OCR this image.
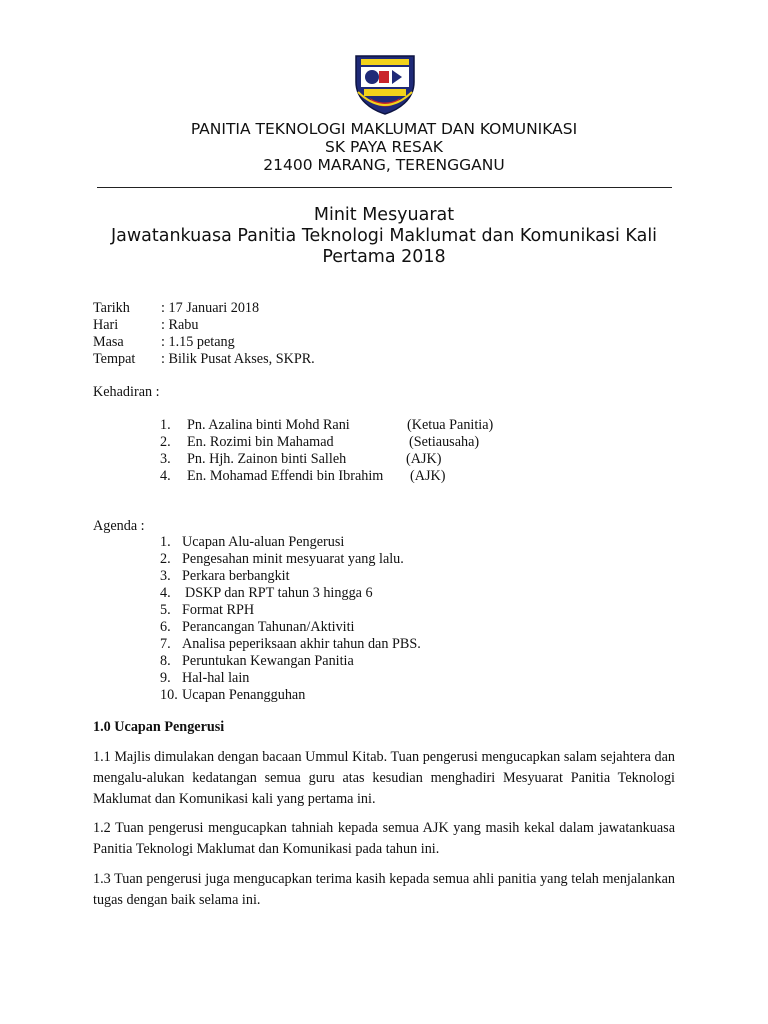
PANITIA TEKNOLOGI MAKLUMAT DAN KOMUNIKASI
SK PAYA RESAK
21400 MARANG, TERENGGANU
Minit Mesyuarat
Jawatankuasa Panitia Teknologi Maklumat dan Komunikasi Kali
Pertama 2018
Tarikh : 17 Januari 2018
Hari	: Rabu
Masa	: 1.15 petang
Tempat : Bilik Pusat Akses, SKPR.
Kehadiran :
1. Pn. Azalina binti Mohd Rani	(Ketua Panitia)
2. En. Rozimi bin Mahamad	(Setiausaha)
3. Pn. Hjh. Zainon binti Salleh	(AJK)
4. En. Mohamad Effendi bin Ibrahim (AJK)
Agenda :
1. Ucapan Alu-aluan Pengerusi
2. Pengesahan minit mesyuarat yang lalu.
3. Perkara berbangkit
4. DSKP dan RPT tahun 3 hingga 6
5. Format RPH
6. Perancangan Tahunan/Aktiviti
7. Analisa peperiksaan akhir tahun dan PBS.
8. Peruntukan Kewangan Panitia
9. Hal-hal lain
10. Ucapan Penangguhan
1.0 Ucapan Pengerusi
1.1 Majlis dimulakan dengan bacaan Ummul Kitab. Tuan pengerusi mengucapkan salam sejahtera dan mengalu-alukan kedatangan semua guru atas kesudian menghadiri Mesyuarat Panitia Teknologi Maklumat dan Komunikasi kali yang pertama ini.
1.2 Tuan pengerusi mengucapkan tahniah kepada semua AJK yang masih kekal dalam jawatankuasa Panitia Teknologi Maklumat dan Komunikasi pada tahun ini.
1.3 Tuan pengerusi juga mengucapkan terima kasih kepada semua ahli panitia yang telah menjalankan tugas dengan baik selama ini.
